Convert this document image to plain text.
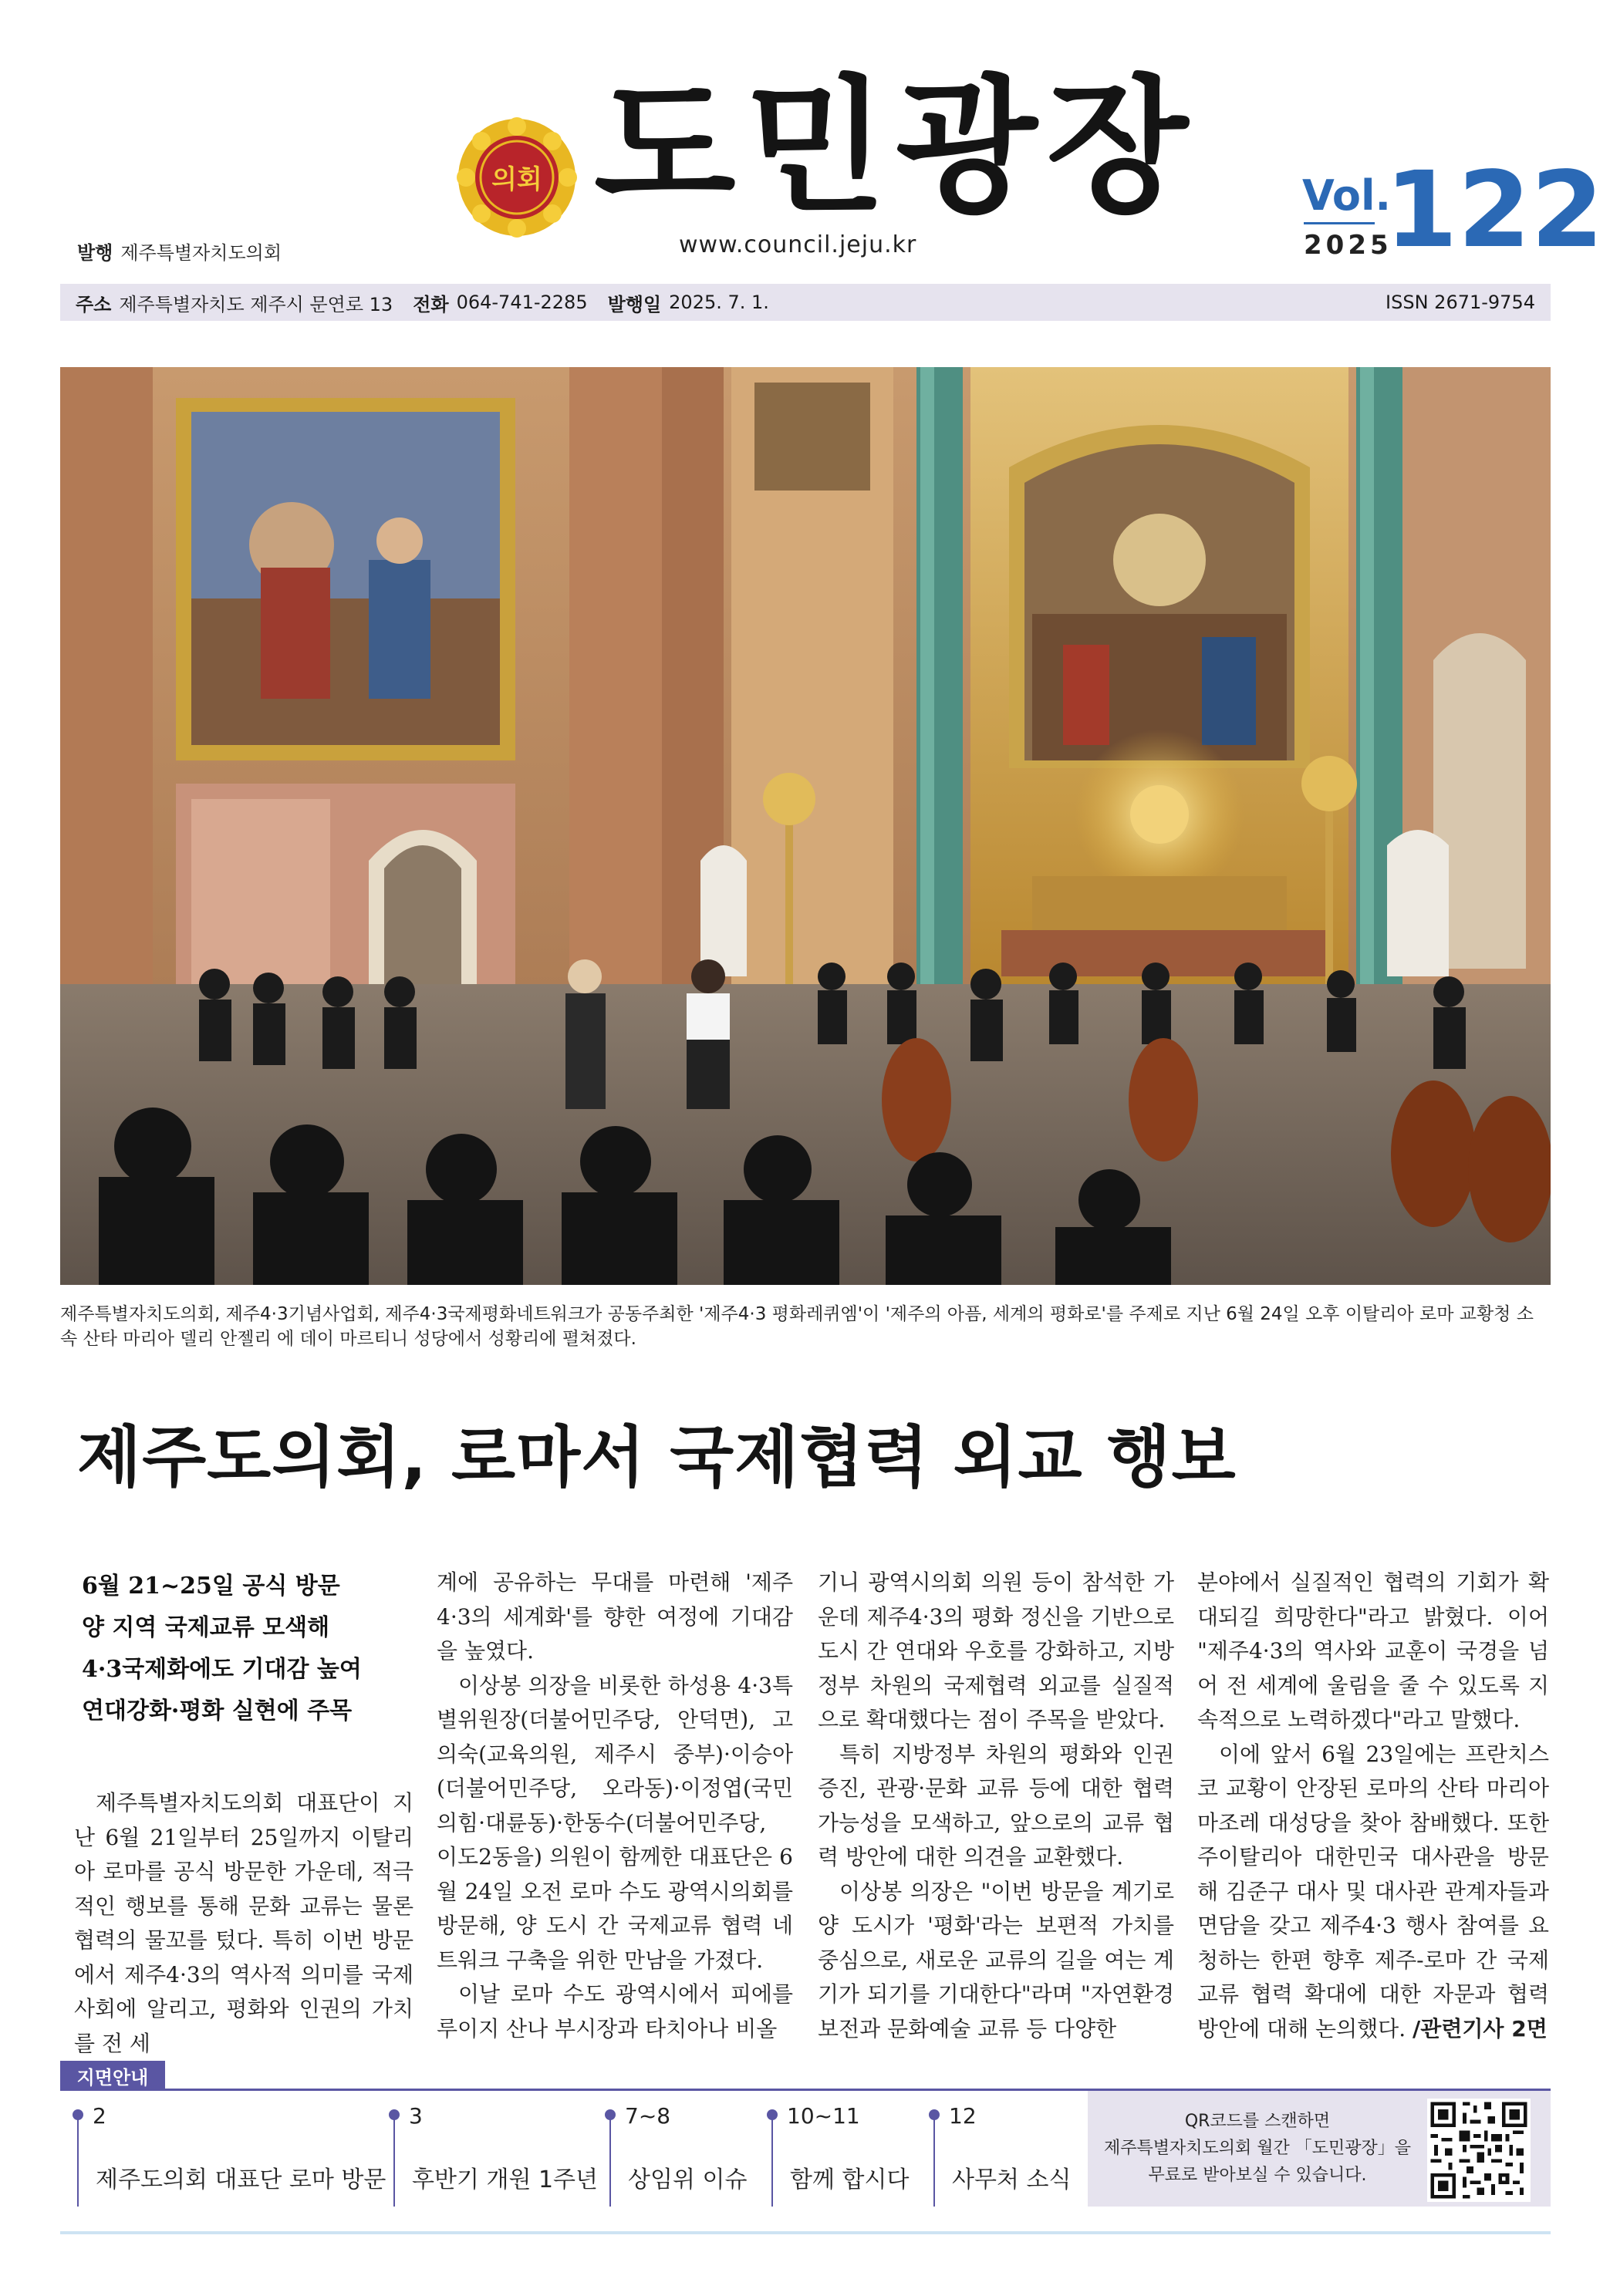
발행 제주특별자치도의회
의회 도민광장
www.council.jeju.kr
Vol.
2025
122
주소 제주특별자치도 제주시 문연로 13 전화 064-741-2285 발행일 2025. 7. 1.	ISSN 2671-9754
제주특별자치도의회, 제주4·3기념사업회, 제주4·3국제평화네트워크가 공동주최한 '제주4·3 평화레퀴엠'이 '제주의 아픔, 세계의 평화로'를 주제로 지난 6월 24일 오후 이탈리아 로마 교황청 소속 산타 마리아 델리 안젤리 에 데이 마르티니 성당에서 성황리에 펼쳐졌다.
제주도의회, 로마서 국제협력 외교 행보
6월 21~25일 공식 방문
양 지역 국제교류 모색해
4·3국제화에도 기대감 높여
연대강화·평화 실현에 주목

제주특별자치도의회 대표단이 지난 6월 21일부터 25일까지 이탈리아 로마를 공식 방문한 가운데, 적극적인 행보를 통해 문화 교류는 물론 협력의 물꼬를 텄다. 특히 이번 방문에서 제주4·3의 역사적 의미를 국제사회에 알리고, 평화와 인권의 가치를 전 세

계에 공유하는 무대를 마련해 '제주4·3의 세계화'를 향한 여정에 기대감을 높였다.

이상봉 의장을 비롯한 하성용 4·3특별위원장(더불어민주당, 안덕면), 고의숙(교육의원, 제주시 중부)·이승아(더불어민주당, 오라동)·이정엽(국민의힘·대륜동)·한동수(더불어민주당, 이도2동을) 의원이 함께한 대표단은 6월 24일 오전 로마 수도 광역시의회를 방문해, 양 도시 간 국제교류 협력 네트워크 구축을 위한 만남을 가졌다.

이날 로마 수도 광역시에서 피에를 루이지 산나 부시장과 타치아나 비올

기니 광역시의회 의원 등이 참석한 가운데 제주4·3의 평화 정신을 기반으로 도시 간 연대와 우호를 강화하고, 지방정부 차원의 국제협력 외교를 실질적으로 확대했다는 점이 주목을 받았다.

특히 지방정부 차원의 평화와 인권 증진, 관광·문화 교류 등에 대한 협력 가능성을 모색하고, 앞으로의 교류 협력 방안에 대한 의견을 교환했다.

이상봉 의장은 "이번 방문을 계기로 양 도시가 '평화'라는 보편적 가치를 중심으로, 새로운 교류의 길을 여는 계기가 되기를 기대한다"라며 "자연환경 보전과 문화예술 교류 등 다양한

분야에서 실질적인 협력의 기회가 확대되길 희망한다"라고 밝혔다. 이어 "제주4·3의 역사와 교훈이 국경을 넘어 전 세계에 울림을 줄 수 있도록 지속적으로 노력하겠다"라고 말했다.

이에 앞서 6월 23일에는 프란치스코 교황이 안장된 로마의 산타 마리아 마조레 대성당을 찾아 참배했다. 또한 주이탈리아 대한민국 대사관을 방문해 김준구 대사 및 대사관 관계자들과 면담을 갖고 제주4·3 행사 참여를 요청하는 한편 향후 제주-로마 간 국제교류 협력 확대에 대한 자문과 협력 방안에 대해 논의했다. /관련기사 2면

지면안내
2
제주도의회 대표단 로마 방문
3
후반기 개원 1주년
7~8
상임위 이슈
10~11
함께 합시다
12
사무처 소식
QR코드를 스캔하면
제주특별자치도의회 월간 「도민광장」을
무료로 받아보실 수 있습니다.
